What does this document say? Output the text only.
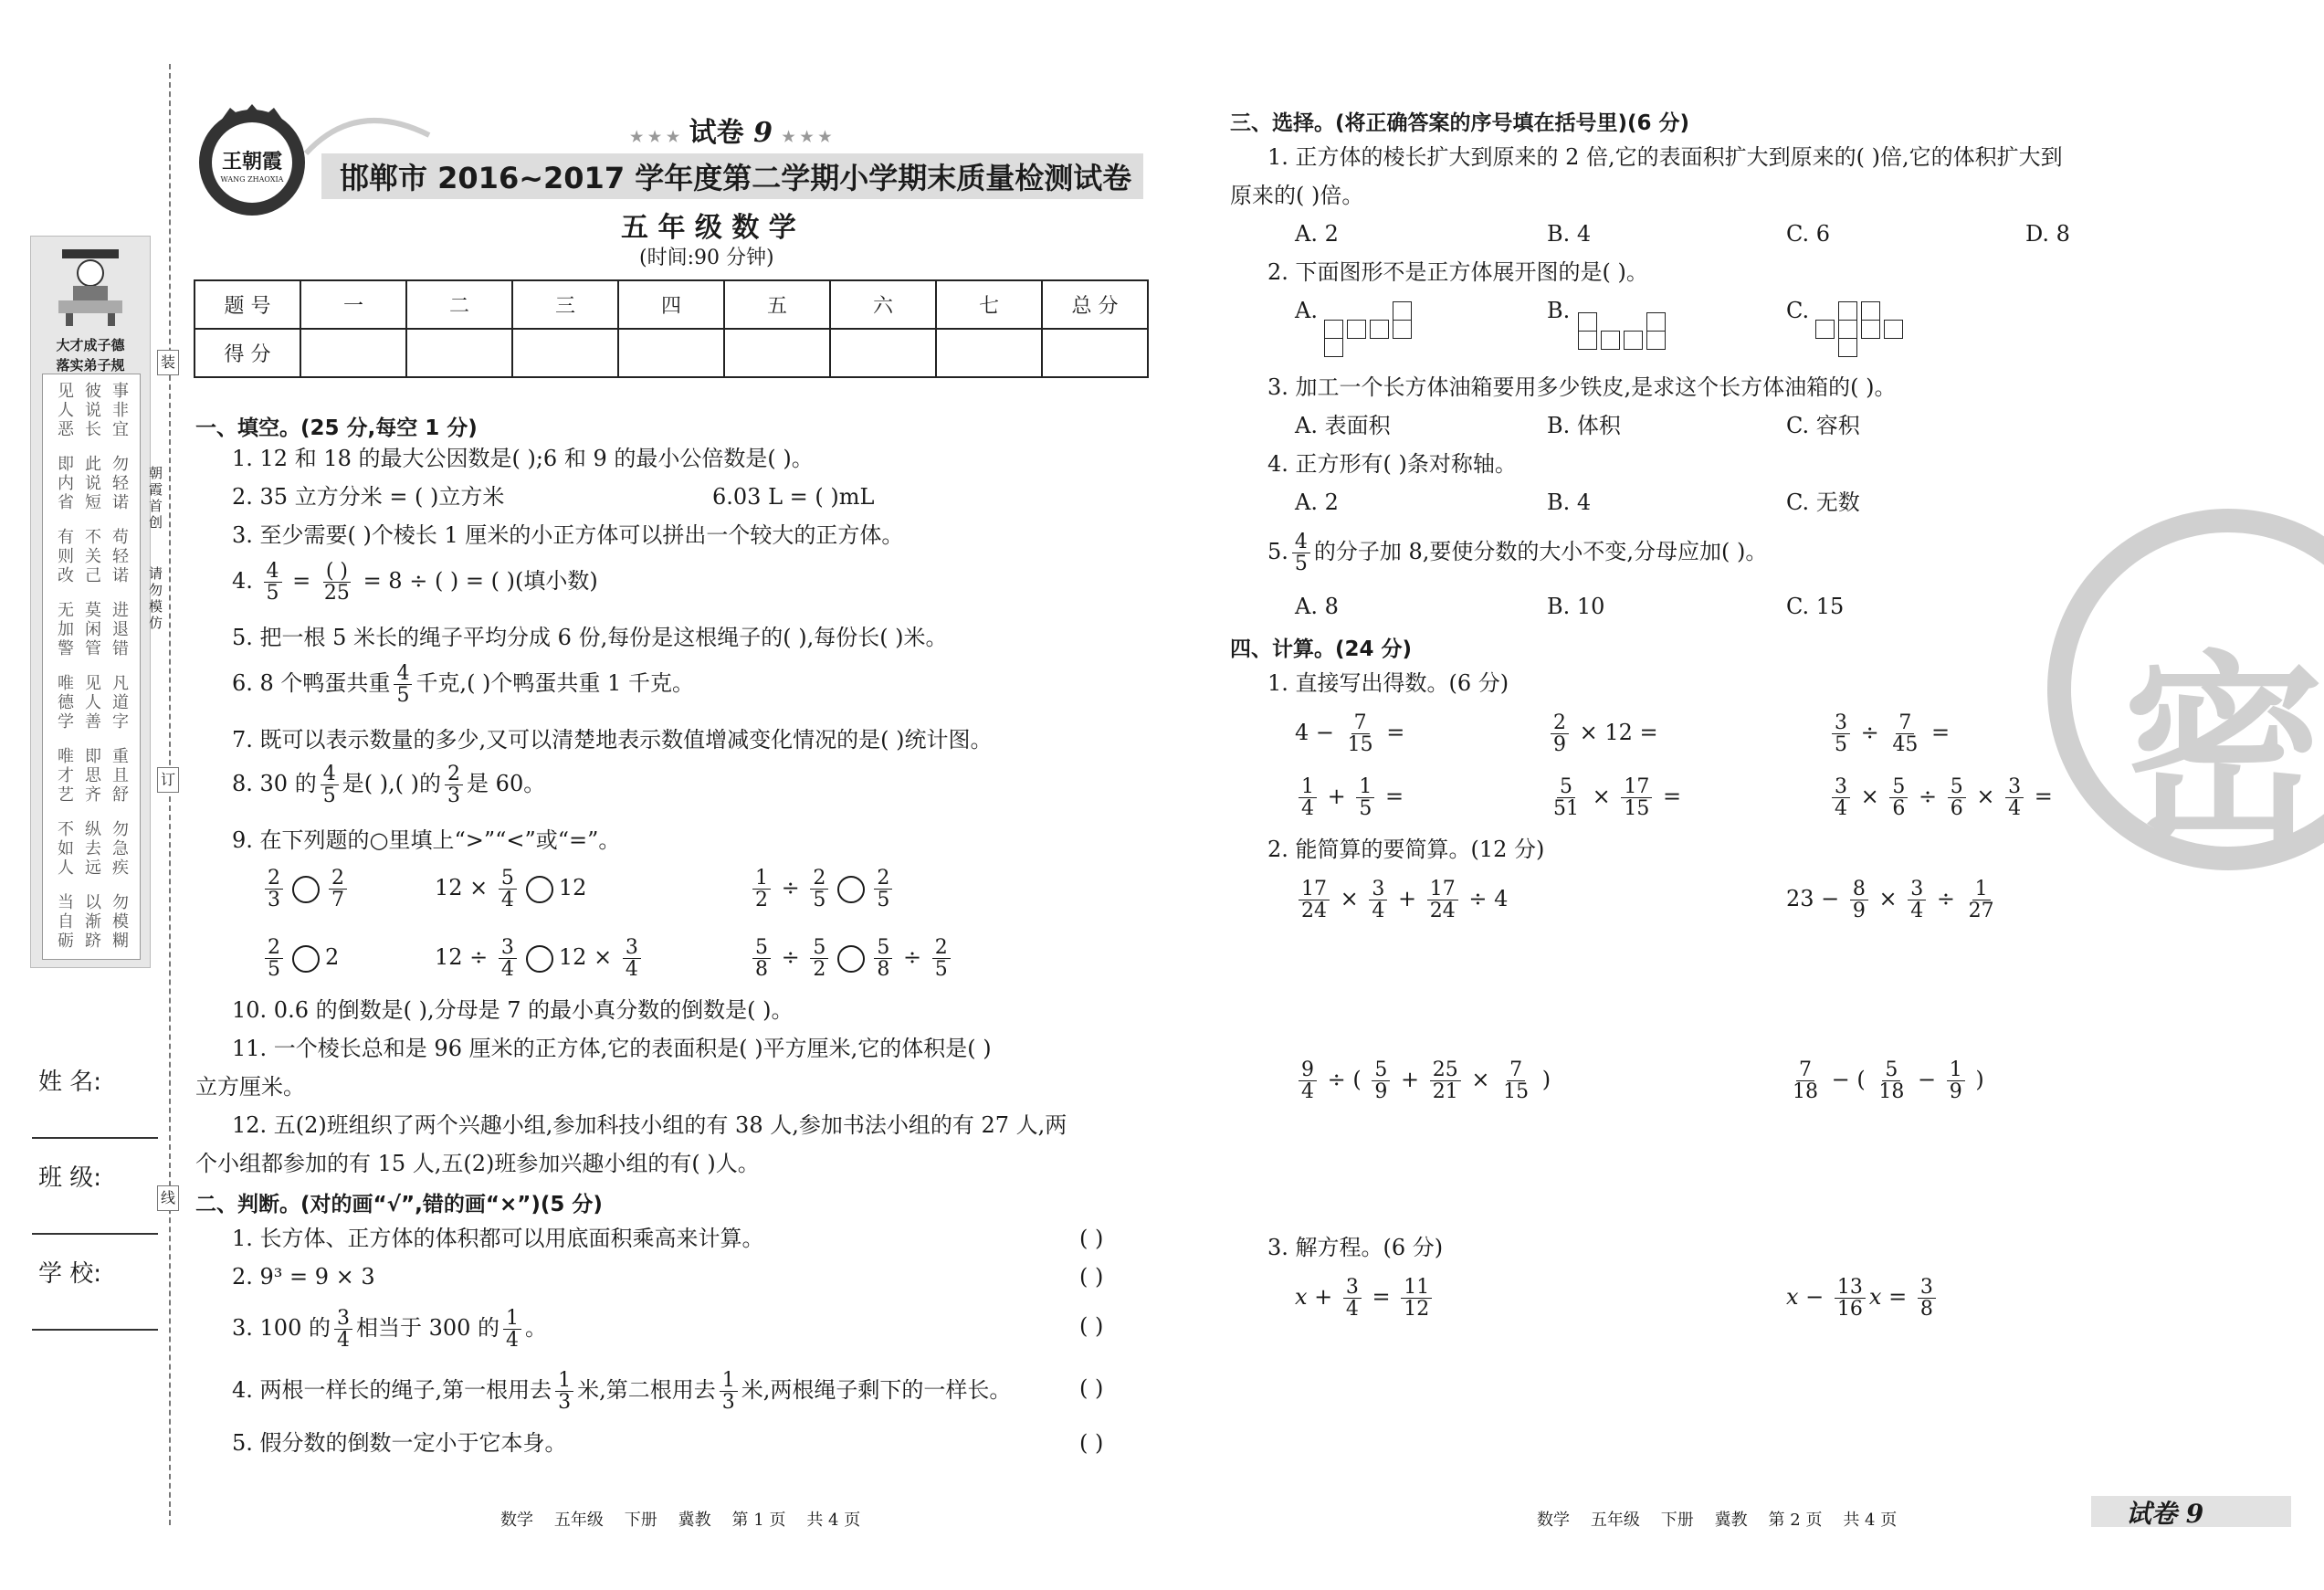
大才成子德
落实弟子规
事非宜
彼说长
见人恶
勿轻诺
此说短
即内省
苟轻诺
不关己
有则改
进退错
莫闲管
无加警
凡道字
见人善
唯德学
重且舒
即思齐
唯才艺
勿急疾
纵去远
不如人
勿模糊
以渐跻
当自砺
姓 名:
班 级:
学 校:
装
订
线
朝霞首创
请勿模仿
王朝霞
WANG ZHAOXIA
★ ★ ★ 试卷 9 ★ ★ ★
邯郸市 2016~2017 学年度第二学期小学期末质量检测试卷
五 年 级 数 学
(时间:90 分钟)
题 号	一	二	三	四	五	六	七	总 分
得 分								
一、填空。(25 分,每空 1 分)
1. 12 和 18 的最大公因数是( );6 和 9 的最小公倍数是( )。
2. 35 立方分米 = ( )立方米	6.03 L = ( )mL
3. 至少需要( )个棱长 1 厘米的小正方体可以拼出一个较大的正方体。
4. $\frac{4}{5} = \frac{( )}{25} = 8$ ÷ ( ) = ( )(填小数)
5. 把一根 5 米长的绳子平均分成 6 份,每份是这根绳子的( ),每份长( )米。
6. 8 个鸭蛋共重 $\frac{4}{5}$ 千克,( )个鸭蛋共重 1 千克。
7. 既可以表示数量的多少,又可以清楚地表示数值增减变化情况的是( )统计图。
8. 30 的 $\frac{4}{5}$ 是( ),( )的 $\frac{2}{3}$ 是 60。
9. 在下列题的○里填上“>”“<”或“=”。
$\frac{2}{3} \frac{2}{7}$	$12 \times \frac{5}{4} 12$	$\frac{1}{2} \div \frac{2}{5} \frac{2}{5}$
$\frac{2}{5} 2$	$12 \div \frac{3}{4} 12 \times \frac{3}{4}$	$\frac{5}{8} \div \frac{5}{2} \frac{5}{8} \div \frac{2}{5}$
10. 0.6 的倒数是( ),分母是 7 的最小真分数的倒数是( )。
11. 一个棱长总和是 96 厘米的正方体,它的表面积是( )平方厘米,它的体积是( )
立方厘米。
12. 五(2)班组织了两个兴趣小组,参加科技小组的有 38 人,参加书法小组的有 27 人,两
个小组都参加的有 15 人,五(2)班参加兴趣小组的有( )人。
二、判断。(对的画“√”,错的画“×”)(5 分)
1. 长方体、正方体的体积都可以用底面积乘高来计算。	( )
2. 9³ = 9 × 3	( )
3. 100 的 $\frac{3}{4}$ 相当于 300 的 $\frac{1}{4}$ 。	( )
4. 两根一样长的绳子,第一根用去 $\frac{1}{3}$ 米,第二根用去 $\frac{1}{3}$ 米,两根绳子剩下的一样长。	( )
5. 假分数的倒数一定小于它本身。	( )
数学    五年级    下册    冀教    第 1 页    共 4 页
三、选择。(将正确答案的序号填在括号里)(6 分)
1. 正方体的棱长扩大到原来的 2 倍,它的表面积扩大到原来的( )倍,它的体积扩大到
原来的( )倍。
A. 2	B. 4	C. 6	D. 8
2. 下面图形不是正方体展开图的是( )。
A.	B.	C.
3. 加工一个长方体油箱要用多少铁皮,是求这个长方体油箱的( )。
A. 表面积	B. 体积	C. 容积
4. 正方形有( )条对称轴。
A. 2	B. 4	C. 无数
5. $\frac{4}{5}$ 的分子加 8,要使分数的大小不变,分母应加( )。
A. 8	B. 10	C. 15
四、计算。(24 分)
1. 直接写出得数。(6 分)
$4 - \frac{7}{15}$ =	$\frac{2}{9} \times 12$ =	$\frac{3}{5} \div \frac{7}{45}$ =
$\frac{1}{4} + \frac{1}{5}$ =	$\frac{5}{51} \times \frac{17}{15}$ =	$\frac{3}{4} \times \frac{5}{6} \div \frac{5}{6} \times \frac{3}{4}$ =
2. 能简算的要简算。(12 分)
$\frac{17}{24} \times \frac{3}{4} + \frac{17}{24} \div 4$	$23 - \frac{8}{9} \times \frac{3}{4} \div \frac{1}{27}$
$\frac{9}{4}$ ÷ ( $\frac{5}{9} + \frac{25}{21} \times \frac{7}{15}$ )	$\frac{7}{18}$ − ( $\frac{5}{18} - \frac{1}{9}$ )
3. 解方程。(6 分)
$x + \frac{3}{4} = \frac{11}{12}$	$x - \frac{13}{16}$ $x = \frac{3}{8}$
密
数学    五年级    下册    冀教    第 2 页    共 4 页	试卷 9
